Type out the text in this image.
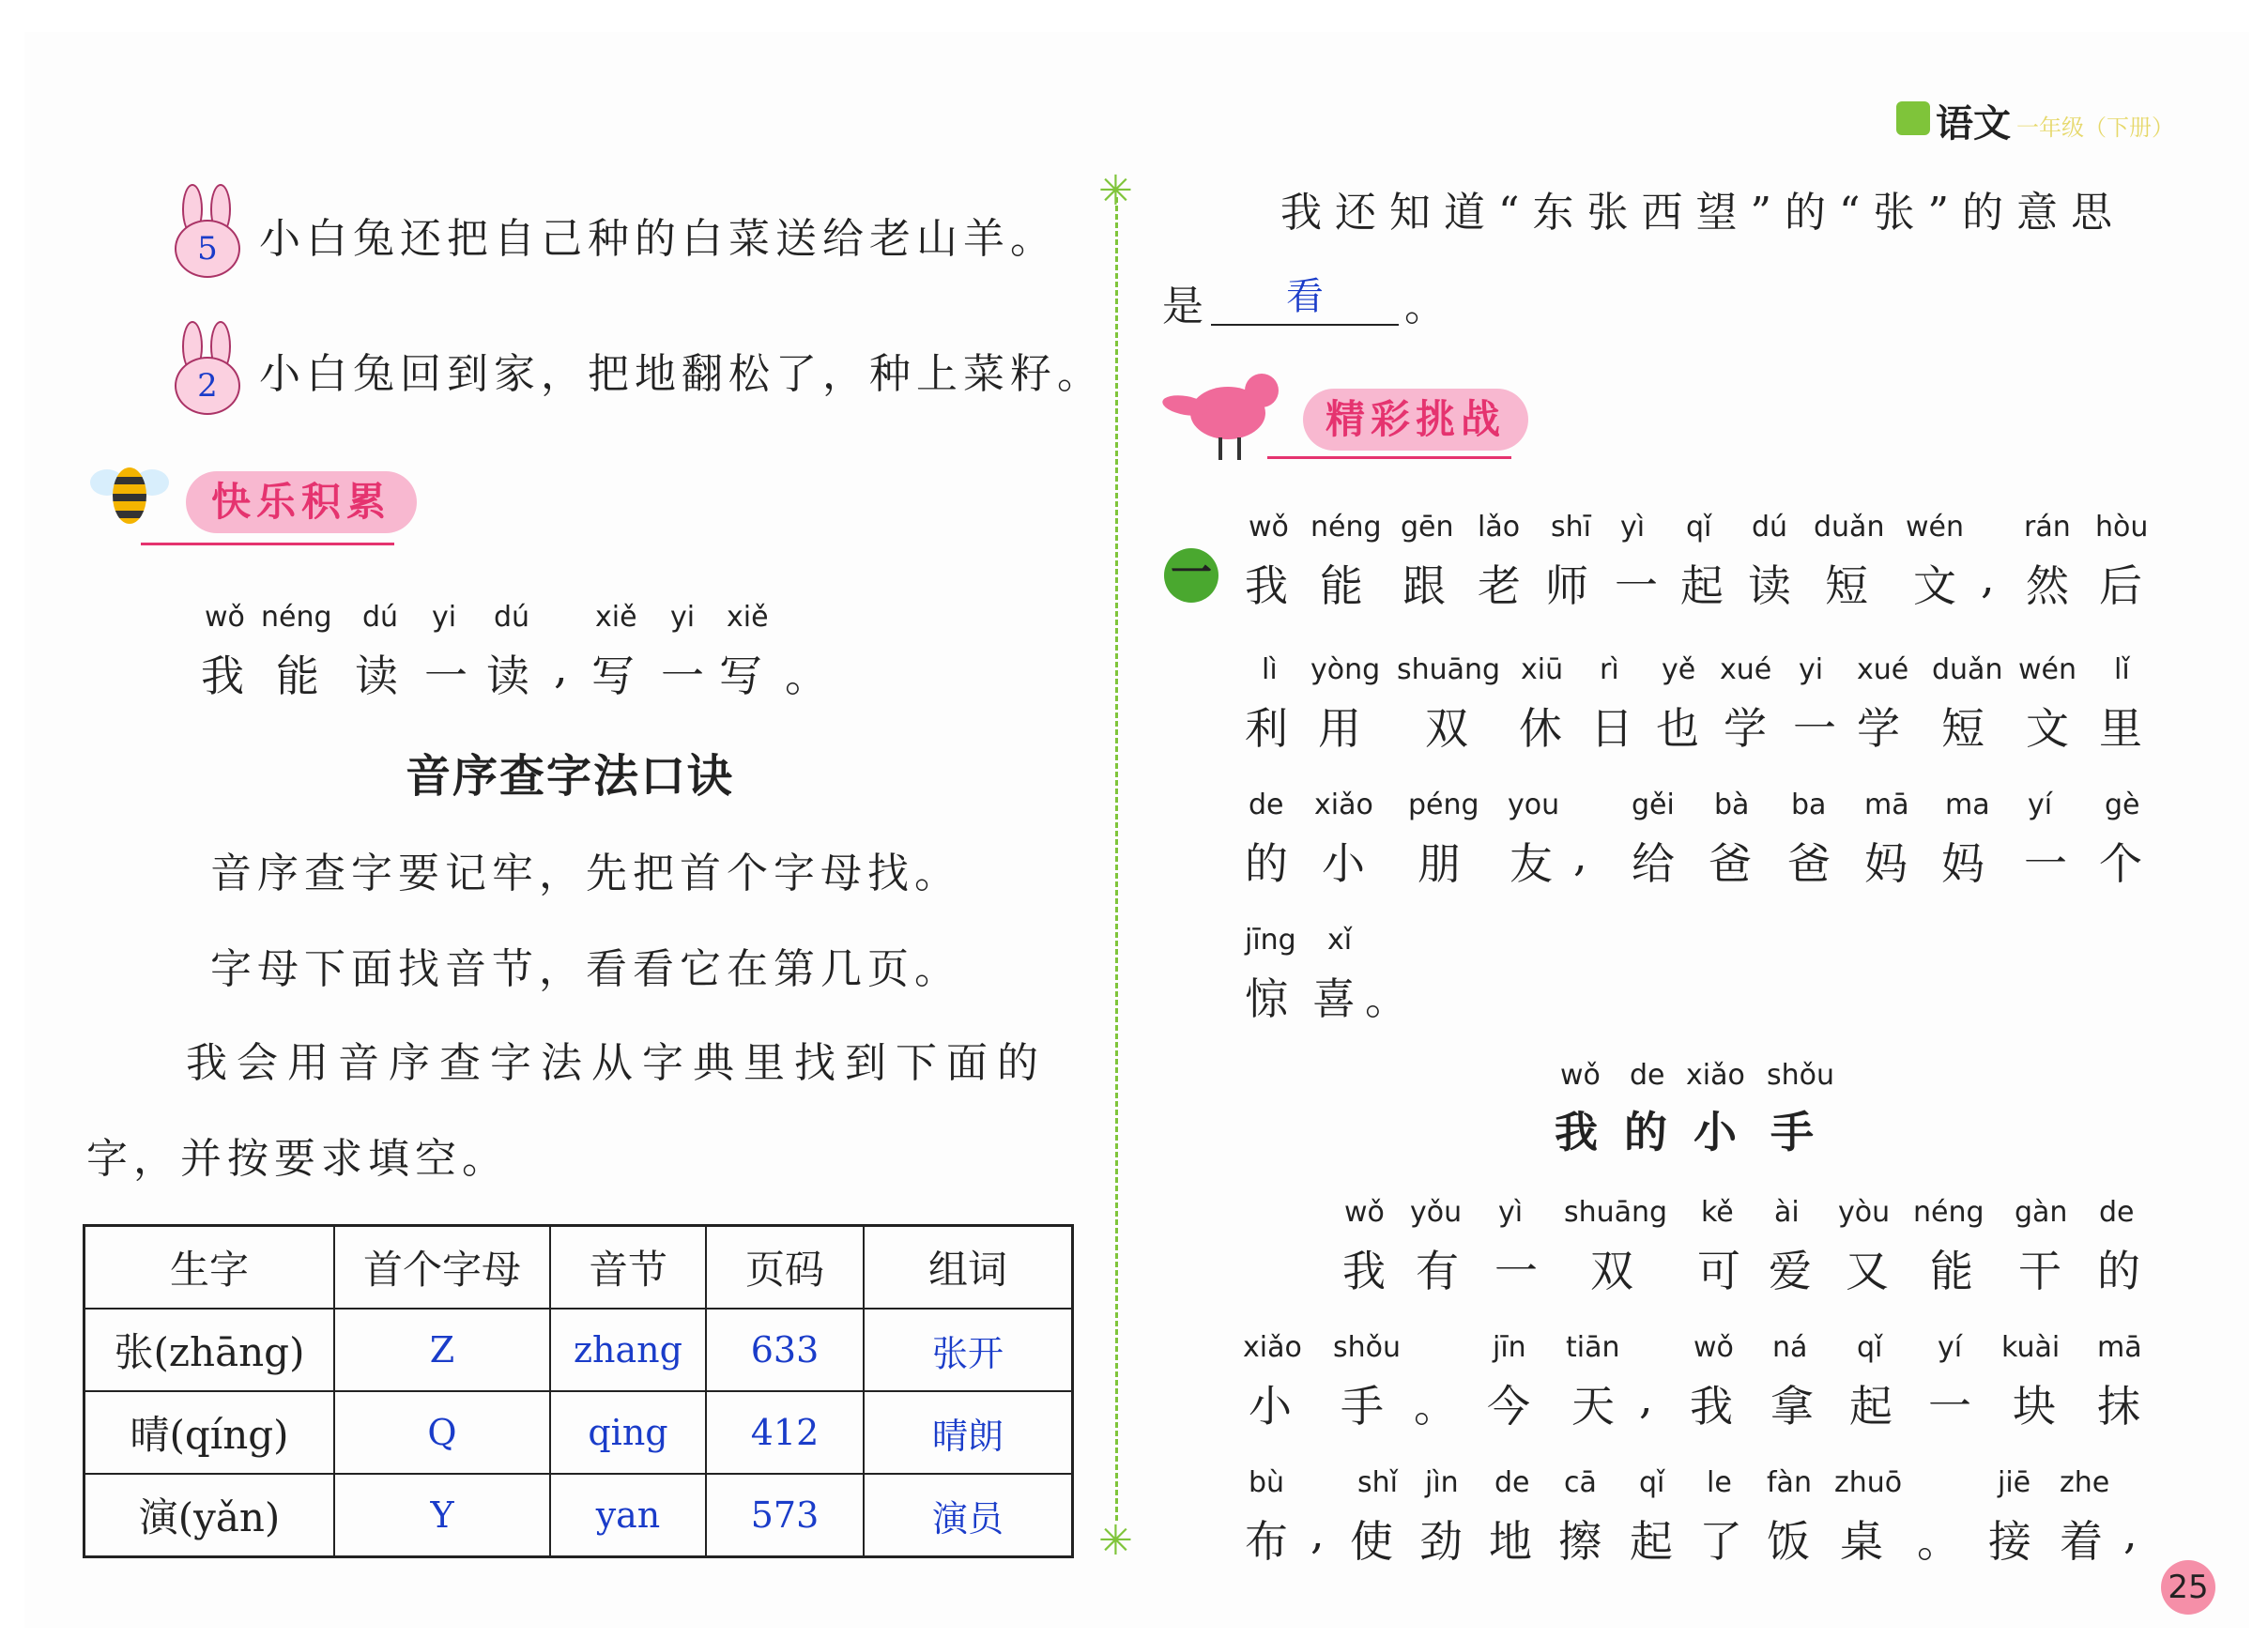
语文 一年级（下册）
✳
✳
5	小白兔还把自己种的白菜送给老山羊。
2	小白兔回到家，把地翻松了，种上菜籽。
快乐积累
wǒ néng dú yi dú xiě yi xiě
我 能 读 一 读 , 写 一 写 。
音序查字法口诀
音序查字要记牢，先把首个字母找。
字母下面找音节，看看它在第几页。
我会用音序查字法从字典里找到下面的
字，并按要求填空。
生字	首个字母	音节	页码	组词
张(zhāng)	Z	zhang	633	张开
晴(qíng)	Q	qing	412	晴朗
演(yǎn)	Y	yan	573	演员
我还知道“东张西望”的“张”的意思
是	看	。
精彩挑战
一
wǒ néng gēn lǎo shī yì qǐ dú duǎn wén rán hòu
我 能 跟 老 师 一 起 读 短 文 , 然 后
lì yòng shuāng xiū rì yě xué yi xué duǎn wén lǐ
利 用 双 休 日 也 学 一 学 短 文 里
de xiǎo péng you	gěi bà ba mā ma yí gè
的 小 朋 友 , 给 爸 爸 妈 妈 一 个
jīng xǐ
惊 喜 。
wǒ de xiǎo shǒu
我 的 小 手
wǒ yǒu yì shuāng kě ài yòu néng gàn de
我 有 一 双 可 爱 又 能 干 的
xiǎo shǒu	jīn tiān	wǒ ná qǐ yí kuài mā
小 手 。 今 天 , 我 拿 起 一 块 抹
bù	shǐ jìn de cā qǐ le fàn zhuō	jiē zhe
布 , 使 劲 地 擦 起 了 饭 桌 。 接 着 ,
25
